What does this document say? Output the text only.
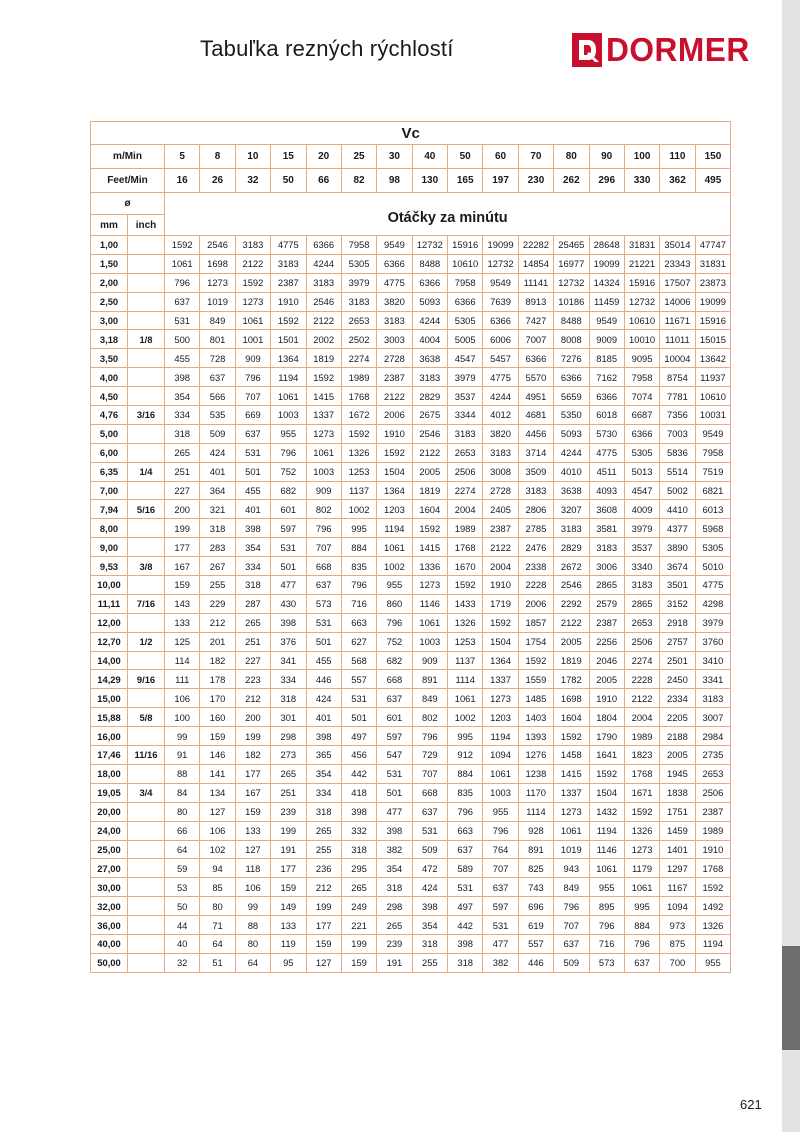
Tabuľka rezných rýchlostí	DORMER
Vc																	
m/Min		5	8	10	15	20	25	30	40	50	60	70	80	90	100	110	150
Feet/Min		16	26	32	50	66	82	98	130	165	197	230	262	296	330	362	495
ø		Otáčky za minútu															
mm	inch																
1,00		1592	2546	3183	4775	6366	7958	9549	12732	15916	19099	22282	25465	28648	31831	35014	47747
1,50		1061	1698	2122	3183	4244	5305	6366	8488	10610	12732	14854	16977	19099	21221	23343	31831
2,00		796	1273	1592	2387	3183	3979	4775	6366	7958	9549	11141	12732	14324	15916	17507	23873
2,50		637	1019	1273	1910	2546	3183	3820	5093	6366	7639	8913	10186	11459	12732	14006	19099
3,00		531	849	1061	1592	2122	2653	3183	4244	5305	6366	7427	8488	9549	10610	11671	15916
3,18	1/8	500	801	1001	1501	2002	2502	3003	4004	5005	6006	7007	8008	9009	10010	11011	15015
3,50		455	728	909	1364	1819	2274	2728	3638	4547	5457	6366	7276	8185	9095	10004	13642
4,00		398	637	796	1194	1592	1989	2387	3183	3979	4775	5570	6366	7162	7958	8754	11937
4,50		354	566	707	1061	1415	1768	2122	2829	3537	4244	4951	5659	6366	7074	7781	10610
4,76	3/16	334	535	669	1003	1337	1672	2006	2675	3344	4012	4681	5350	6018	6687	7356	10031
5,00		318	509	637	955	1273	1592	1910	2546	3183	3820	4456	5093	5730	6366	7003	9549
6,00		265	424	531	796	1061	1326	1592	2122	2653	3183	3714	4244	4775	5305	5836	7958
6,35	1/4	251	401	501	752	1003	1253	1504	2005	2506	3008	3509	4010	4511	5013	5514	7519
7,00		227	364	455	682	909	1137	1364	1819	2274	2728	3183	3638	4093	4547	5002	6821
7,94	5/16	200	321	401	601	802	1002	1203	1604	2004	2405	2806	3207	3608	4009	4410	6013
8,00		199	318	398	597	796	995	1194	1592	1989	2387	2785	3183	3581	3979	4377	5968
9,00		177	283	354	531	707	884	1061	1415	1768	2122	2476	2829	3183	3537	3890	5305
9,53	3/8	167	267	334	501	668	835	1002	1336	1670	2004	2338	2672	3006	3340	3674	5010
10,00		159	255	318	477	637	796	955	1273	1592	1910	2228	2546	2865	3183	3501	4775
11,11	7/16	143	229	287	430	573	716	860	1146	1433	1719	2006	2292	2579	2865	3152	4298
12,00		133	212	265	398	531	663	796	1061	1326	1592	1857	2122	2387	2653	2918	3979
12,70	1/2	125	201	251	376	501	627	752	1003	1253	1504	1754	2005	2256	2506	2757	3760
14,00		114	182	227	341	455	568	682	909	1137	1364	1592	1819	2046	2274	2501	3410
14,29	9/16	111	178	223	334	446	557	668	891	1114	1337	1559	1782	2005	2228	2450	3341
15,00		106	170	212	318	424	531	637	849	1061	1273	1485	1698	1910	2122	2334	3183
15,88	5/8	100	160	200	301	401	501	601	802	1002	1203	1403	1604	1804	2004	2205	3007
16,00		99	159	199	298	398	497	597	796	995	1194	1393	1592	1790	1989	2188	2984
17,46	11/16	91	146	182	273	365	456	547	729	912	1094	1276	1458	1641	1823	2005	2735
18,00		88	141	177	265	354	442	531	707	884	1061	1238	1415	1592	1768	1945	2653
19,05	3/4	84	134	167	251	334	418	501	668	835	1003	1170	1337	1504	1671	1838	2506
20,00		80	127	159	239	318	398	477	637	796	955	1114	1273	1432	1592	1751	2387
24,00		66	106	133	199	265	332	398	531	663	796	928	1061	1194	1326	1459	1989
25,00		64	102	127	191	255	318	382	509	637	764	891	1019	1146	1273	1401	1910
27,00		59	94	118	177	236	295	354	472	589	707	825	943	1061	1179	1297	1768
30,00		53	85	106	159	212	265	318	424	531	637	743	849	955	1061	1167	1592
32,00		50	80	99	149	199	249	298	398	497	597	696	796	895	995	1094	1492
36,00		44	71	88	133	177	221	265	354	442	531	619	707	796	884	973	1326
40,00		40	64	80	119	159	199	239	318	398	477	557	637	716	796	875	1194
50,00		32	51	64	95	127	159	191	255	318	382	446	509	573	637	700	955
621
